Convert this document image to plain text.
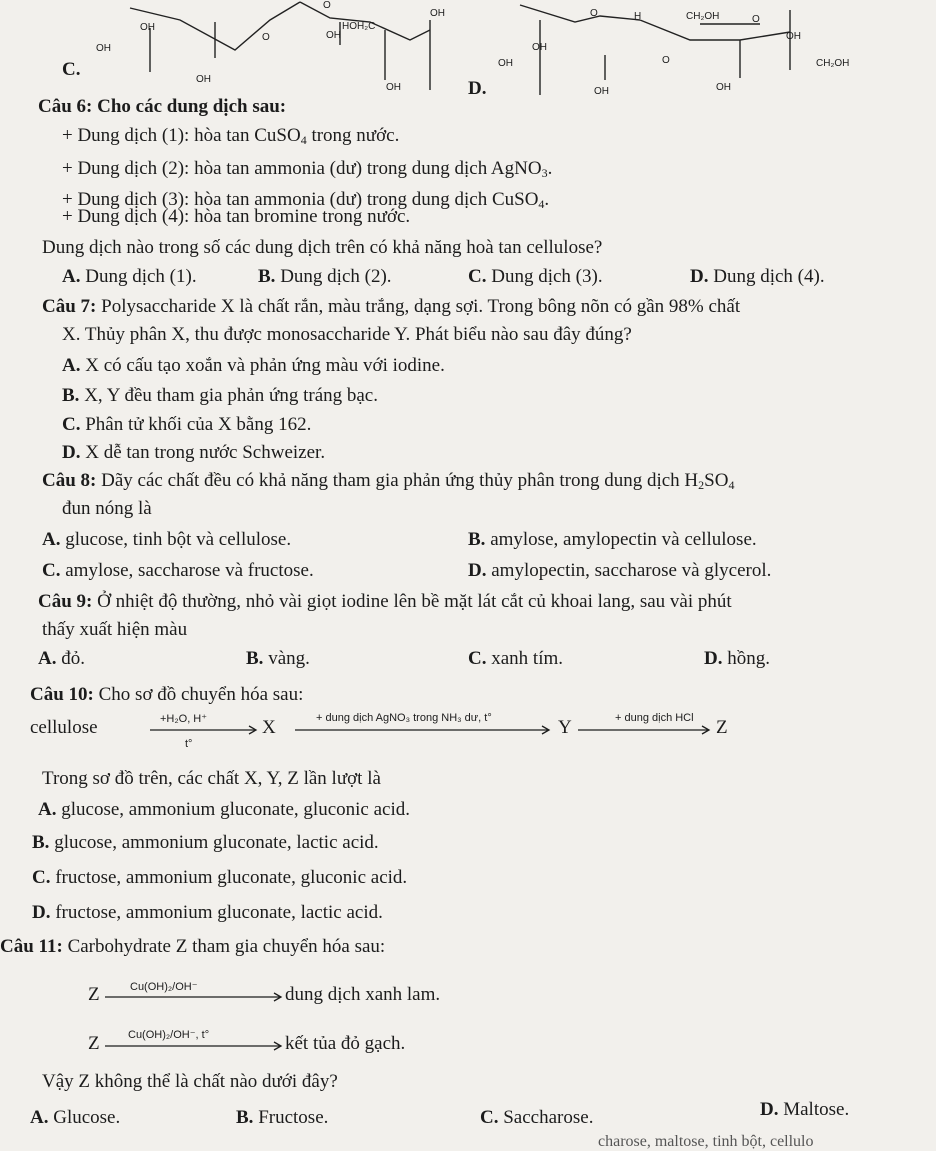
C.
OH
OH
OH
OH
HOH₂C
OH
OH
O
O
D.
O	H	CH₂OH	O
OH
OH
O	CH₂OH
OH
OH	OH
Câu 6: Cho các dung dịch sau:
+ Dung dịch (1): hòa tan CuSO$_4$ trong nước.
+ Dung dịch (2): hòa tan ammonia (dư) trong dung dịch AgNO$_3$.
+ Dung dịch (3): hòa tan ammonia (dư) trong dung dịch CuSO$_4$.
+ Dung dịch (4): hòa tan bromine trong nước.
Dung dịch nào trong số các dung dịch trên có khả năng hoà tan cellulose?
A. Dung dịch (1).	B. Dung dịch (2).	C. Dung dịch (3).	D. Dung dịch (4).
Câu 7: Polysaccharide X là chất rắn, màu trắng, dạng sợi. Trong bông nõn có gần 98% chất
X. Thủy phân X, thu được monosaccharide Y. Phát biểu nào sau đây đúng?
A. X có cấu tạo xoắn và phản ứng màu với iodine.
B. X, Y đều tham gia phản ứng tráng bạc.
C. Phân tử khối của X bằng 162.
D. X dễ tan trong nước Schweizer.
Câu 8: Dãy các chất đều có khả năng tham gia phản ứng thủy phân trong dung dịch $H_2SO_4$
đun nóng là
A. glucose, tinh bột và cellulose.	B. amylose, amylopectin và cellulose.
C. amylose, saccharose và fructose.	D. amylopectin, saccharose và glycerol.
Câu 9: Ở nhiệt độ thường, nhỏ vài giọt iodine lên bề mặt lát cắt củ khoai lang, sau vài phút
thấy xuất hiện màu
A. đỏ.	B. vàng.	C. xanh tím.	D. hồng.
Câu 10: Cho sơ đồ chuyển hóa sau:
cellulose	+H₂O, H⁺
t°
X	+ dung dịch AgNO₃ trong NH₃ dư, t°	Y	+ dung dịch HCl Z
Trong sơ đồ trên, các chất X, Y, Z lần lượt là
A. glucose, ammonium gluconate, gluconic acid.
B. glucose, ammonium gluconate, lactic acid.
C. fructose, ammonium gluconate, gluconic acid.
D. fructose, ammonium gluconate, lactic acid.
Câu 11: Carbohydrate Z tham gia chuyển hóa sau:
Z	Cu(OH)₂/OH⁻	dung dịch xanh lam.
Z	Cu(OH)₂/OH⁻, t°	kết tủa đỏ gạch.
Vậy Z không thể là chất nào dưới đây?
A. Glucose.	B. Fructose.	C. Saccharose.	D. Maltose.
charose, maltose, tinh bột, cellulo
